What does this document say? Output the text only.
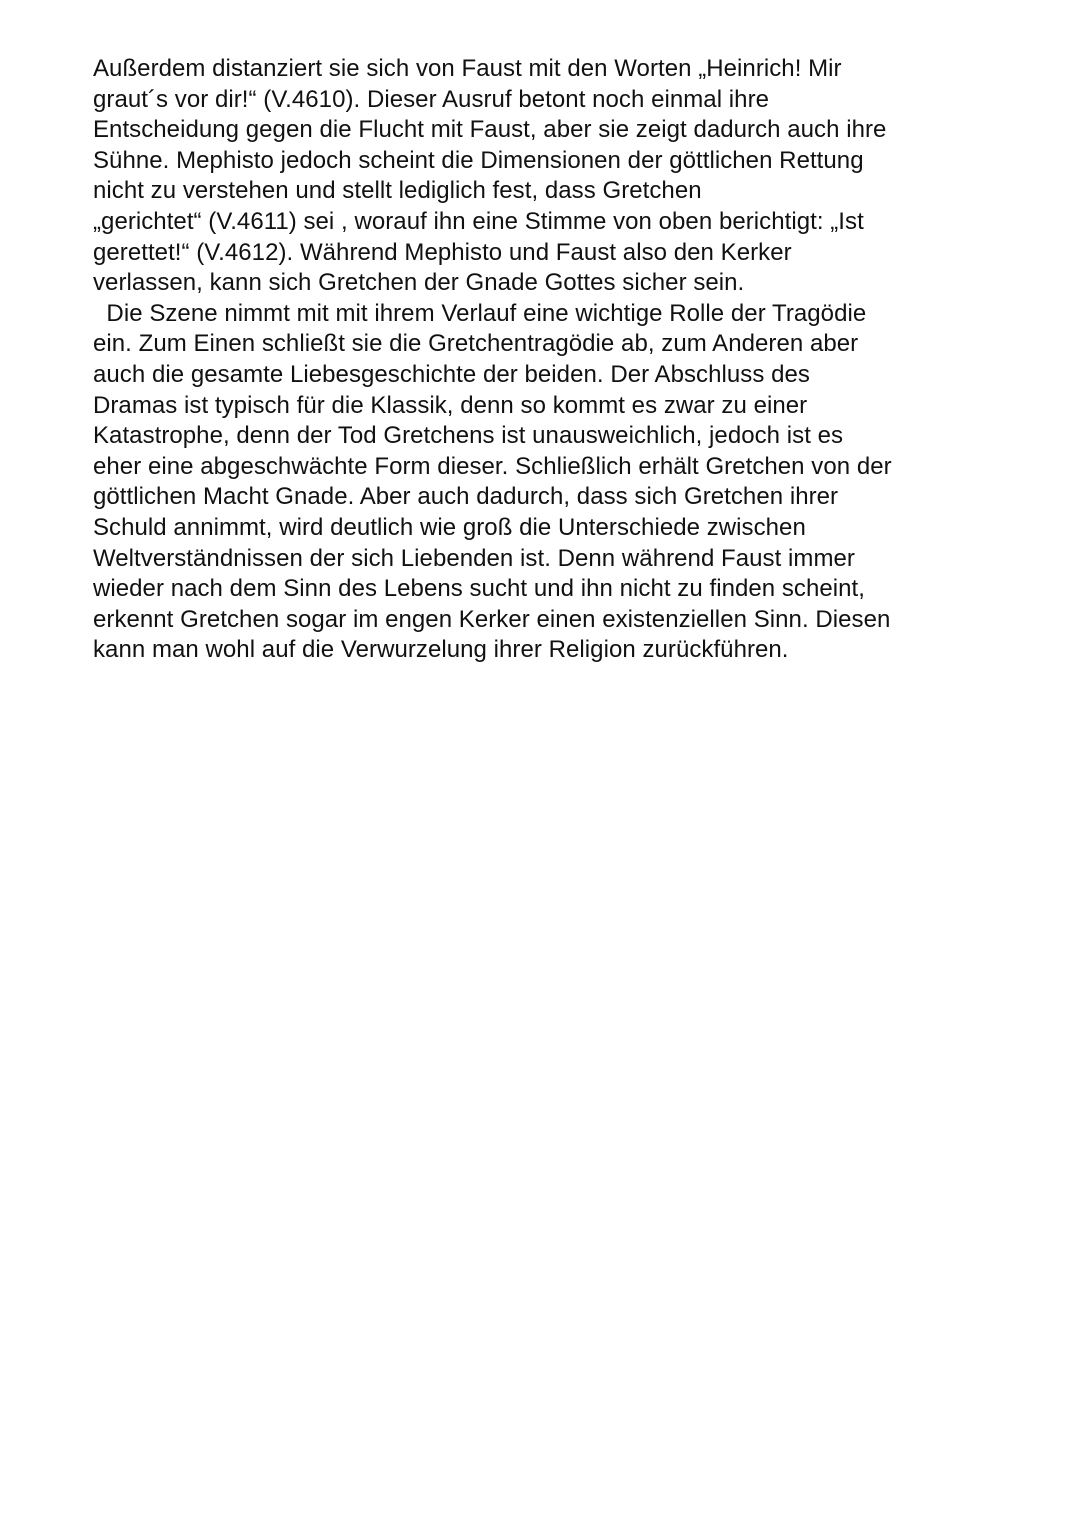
Außerdem distanziert sie sich von Faust mit den Worten „Heinrich! Mir
graut´s vor dir!“ (V.4610). Dieser Ausruf betont noch einmal ihre
Entscheidung gegen die Flucht mit Faust, aber sie zeigt dadurch auch ihre
Sühne. Mephisto jedoch scheint die Dimensionen der göttlichen Rettung
nicht zu verstehen und stellt lediglich fest, dass Gretchen
„gerichtet“ (V.4611) sei , worauf ihn eine Stimme von oben berichtigt: „Ist
gerettet!“ (V.4612). Während Mephisto und Faust also den Kerker
verlassen, kann sich Gretchen der Gnade Gottes sicher sein.
Die Szene nimmt mit mit ihrem Verlauf eine wichtige Rolle der Tragödie
ein. Zum Einen schließt sie die Gretchentragödie ab, zum Anderen aber
auch die gesamte Liebesgeschichte der beiden. Der Abschluss des
Dramas ist typisch für die Klassik, denn so kommt es zwar zu einer
Katastrophe, denn der Tod Gretchens ist unausweichlich, jedoch ist es
eher eine abgeschwächte Form dieser. Schließlich erhält Gretchen von der
göttlichen Macht Gnade. Aber auch dadurch, dass sich Gretchen ihrer
Schuld annimmt, wird deutlich wie groß die Unterschiede zwischen
Weltverständnissen der sich Liebenden ist. Denn während Faust immer
wieder nach dem Sinn des Lebens sucht und ihn nicht zu finden scheint,
erkennt Gretchen sogar im engen Kerker einen existenziellen Sinn. Diesen
kann man wohl auf die Verwurzelung ihrer Religion zurückführen.
